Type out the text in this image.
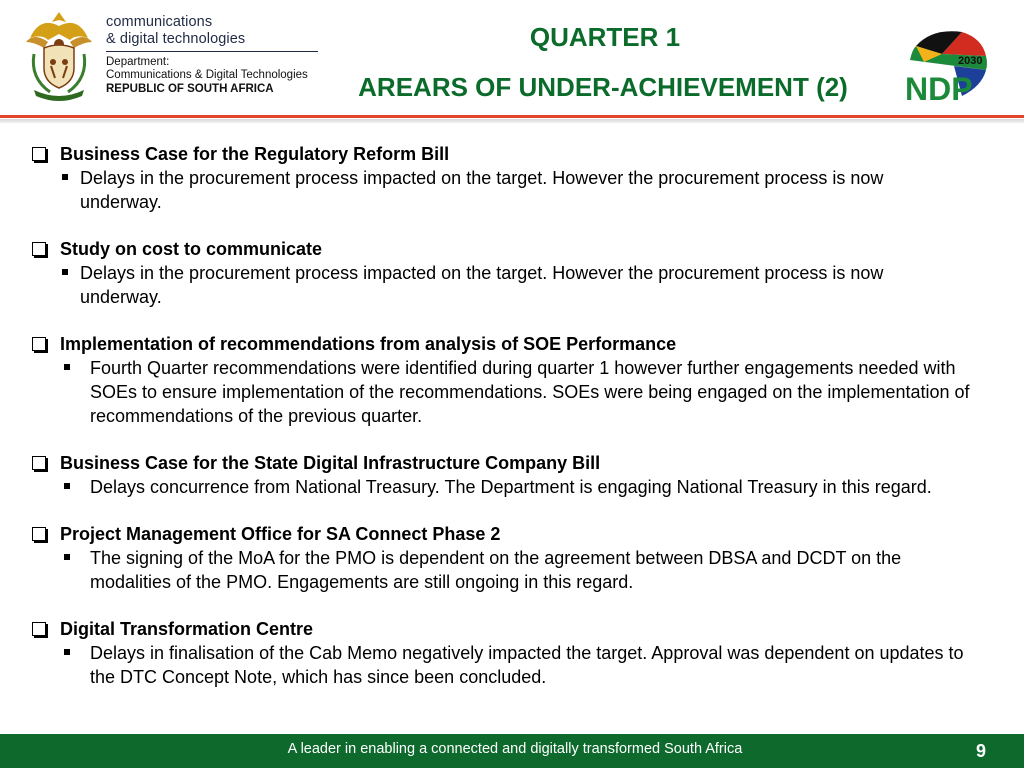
communications
& digital technologies
Department:
Communications & Digital Technologies
REPUBLIC OF SOUTH AFRICA
QUARTER 1
AREARS OF UNDER-ACHIEVEMENT (2)
2030
NDP
Business Case for the Regulatory Reform Bill
Delays in the procurement process impacted on the target. However the procurement process is now underway.
Study on cost to communicate
Delays in the procurement process impacted on the target. However the procurement process is now underway.
Implementation of recommendations from analysis of SOE Performance
Fourth Quarter recommendations were identified during quarter 1 however further engagements needed with SOEs to ensure implementation of the recommendations. SOEs were being engaged on the implementation of recommendations of the previous quarter.
Business Case for the State Digital Infrastructure Company Bill
Delays concurrence from National Treasury. The Department is engaging National Treasury in this regard.
Project Management Office for SA Connect Phase 2
The signing of the MoA for the PMO is dependent on the agreement between DBSA and DCDT on the modalities of the PMO. Engagements are still ongoing in this regard.
Digital Transformation Centre
Delays in finalisation of the Cab Memo negatively impacted the target. Approval was dependent on updates to the DTC Concept Note, which has since been concluded.
A leader in enabling a connected and digitally transformed South Africa	9
